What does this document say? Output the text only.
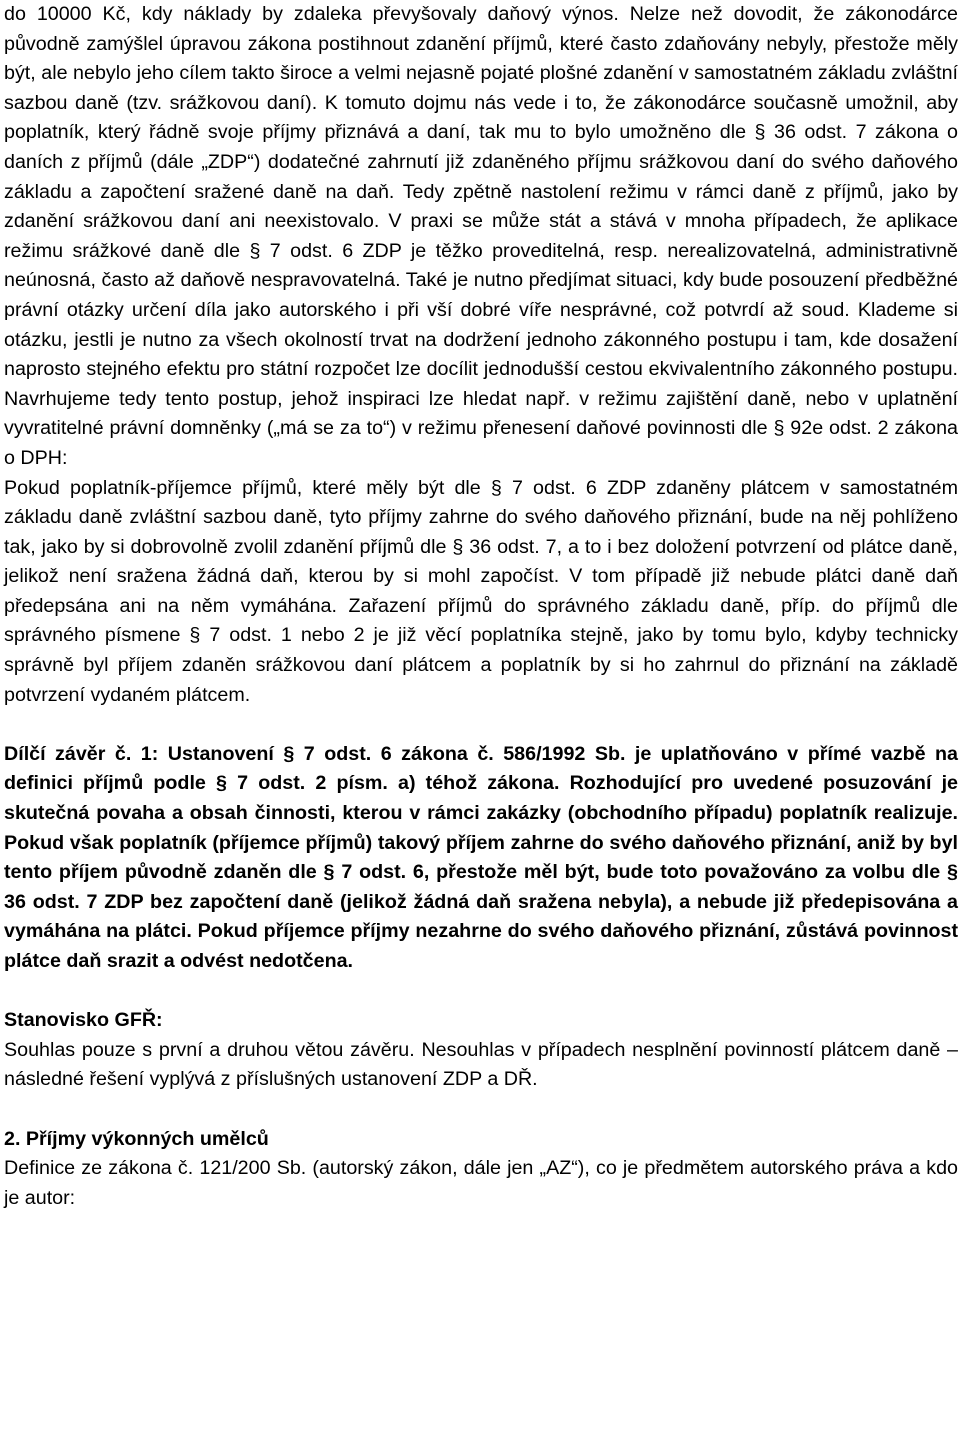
do 10000 Kč, kdy náklady by zdaleka převyšovaly daňový výnos. Nelze než dovodit, že zákonodárce původně zamýšlel úpravou zákona postihnout zdanění příjmů, které často zdaňovány nebyly, přestože měly být, ale nebylo jeho cílem takto široce a velmi nejasně pojaté plošné zdanění v samostatném základu zvláštní sazbou daně (tzv. srážkovou daní). K tomuto dojmu nás vede i to, že zákonodárce současně umožnil, aby poplatník, který řádně svoje příjmy přiznává a daní, tak mu to bylo umožněno dle § 36 odst. 7 zákona o daních z příjmů (dále „ZDP“) dodatečné zahrnutí již zdaněného příjmu srážkovou daní do svého daňového základu a započtení sražené daně na daň. Tedy zpětně nastolení režimu v rámci daně z příjmů, jako by zdanění srážkovou daní ani neexistovalo. V praxi se může stát a stává v mnoha případech, že aplikace režimu srážkové daně dle § 7 odst. 6 ZDP je těžko proveditelná, resp. nerealizovatelná, administrativně neúnosná, často až daňově nespravovatelná. Také je nutno předjímat situaci, kdy bude posouzení předběžné právní otázky určení díla jako autorského i při vší dobré víře nesprávné, což potvrdí až soud. Klademe si otázku, jestli je nutno za všech okolností trvat na dodržení jednoho zákonného postupu i tam, kde dosažení naprosto stejného efektu pro státní rozpočet lze docílit jednodušší cestou ekvivalentního zákonného postupu. Navrhujeme tedy tento postup, jehož inspiraci lze hledat např. v režimu zajištění daně, nebo v uplatnění vyvratitelné právní domněnky („má se za to“) v režimu přenesení daňové povinnosti dle § 92e odst. 2 zákona o DPH:

Pokud poplatník-příjemce příjmů, které měly být dle § 7 odst. 6 ZDP zdaněny plátcem v samostatném základu daně zvláštní sazbou daně, tyto příjmy zahrne do svého daňového přiznání, bude na něj pohlíženo tak, jako by si dobrovolně zvolil zdanění příjmů dle § 36 odst. 7, a to i bez doložení potvrzení od plátce daně, jelikož není sražena žádná daň, kterou by si mohl započíst. V tom případě již nebude plátci daně daň předepsána ani na něm vymáhána. Zařazení příjmů do správného základu daně, příp. do příjmů dle správného písmene § 7 odst. 1 nebo 2 je již věcí poplatníka stejně, jako by tomu bylo, kdyby technicky správně byl příjem zdaněn srážkovou daní plátcem a poplatník by si ho zahrnul do přiznání na základě potvrzení vydaném plátcem.

Dílčí závěr č. 1: Ustanovení § 7 odst. 6 zákona č. 586/1992 Sb. je uplatňováno v přímé vazbě na definici příjmů podle § 7 odst. 2 písm. a) téhož zákona. Rozhodující pro uvedené posuzování je skutečná povaha a obsah činnosti, kterou v rámci zakázky (obchodního případu) poplatník realizuje. Pokud však poplatník (příjemce příjmů) takový příjem zahrne do svého daňového přiznání, aniž by byl tento příjem původně zdaněn dle § 7 odst. 6, přestože měl být, bude toto považováno za volbu dle § 36 odst. 7 ZDP bez započtení daně (jelikož žádná daň sražena nebyla), a nebude již předepisována a vymáhána na plátci. Pokud příjemce příjmy nezahrne do svého daňového přiznání, zůstává povinnost plátce daň srazit a odvést nedotčena.

Stanovisko GFŘ:

Souhlas pouze s první a druhou větou závěru. Nesouhlas v případech nesplnění povinností plátcem daně – následné řešení vyplývá z příslušných ustanovení ZDP a DŘ.

2. Příjmy výkonných umělců

Definice ze zákona č. 121/200 Sb. (autorský zákon, dále jen „AZ“), co je předmětem autorského práva a kdo je autor:
